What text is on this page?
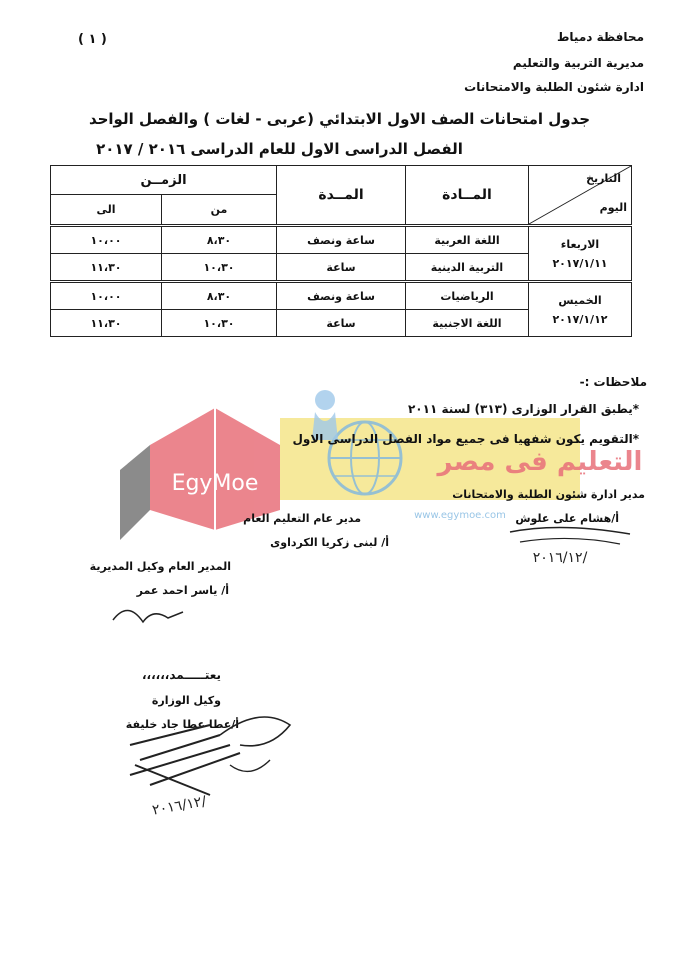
محافظة دمياط
مديرية التربية والتعليم
ادارة شئون الطلبة والامتحانات
( ١ )
جدول امتحانات الصف الاول الابتدائي (عربى - لغات ) والفصل الواحد
الفصل الدراسى الاول للعام الدراسى ٢٠١٦ / ٢٠١٧
التاريخ
اليوم	المــادة	المــدة	الزمــن	
			من	الى

الاربعاء
٢٠١٧/١/١١	اللغة العربية	ساعة ونصف	٨،٣٠	١٠،٠٠
	التربية الدينية	ساعة	١٠،٣٠	١١،٣٠

الخميس
٢٠١٧/١/١٢	الرياضيات	ساعة ونصف	٨،٣٠	١٠،٠٠
	اللغة الاجنبية	ساعة	١٠،٣٠	١١،٣٠
EgyMoe
التعليم فى مصر
www.egymoe.com
ملاحظات :-
*يطبق القرار الوزارى (٣١٣) لسنة ٢٠١١
*التقويم يكون شفهيا فى جميع مواد الفصل الدراسى الاول
مدير ادارة شئون الطلبة والامتحانات
أ/هشام على علوش
مدير عام التعليم العام
أ/ لبنى زكريا الكرداوى
المدير العام وكيل المديرية
أ/ ياسر احمد عمر
يعتـــــمد،،،،،،
وكيل الوزارة
أ/عطا عطا جاد خليفة
٢٠١٦/١٢/
٢٠١٦/١٢/
